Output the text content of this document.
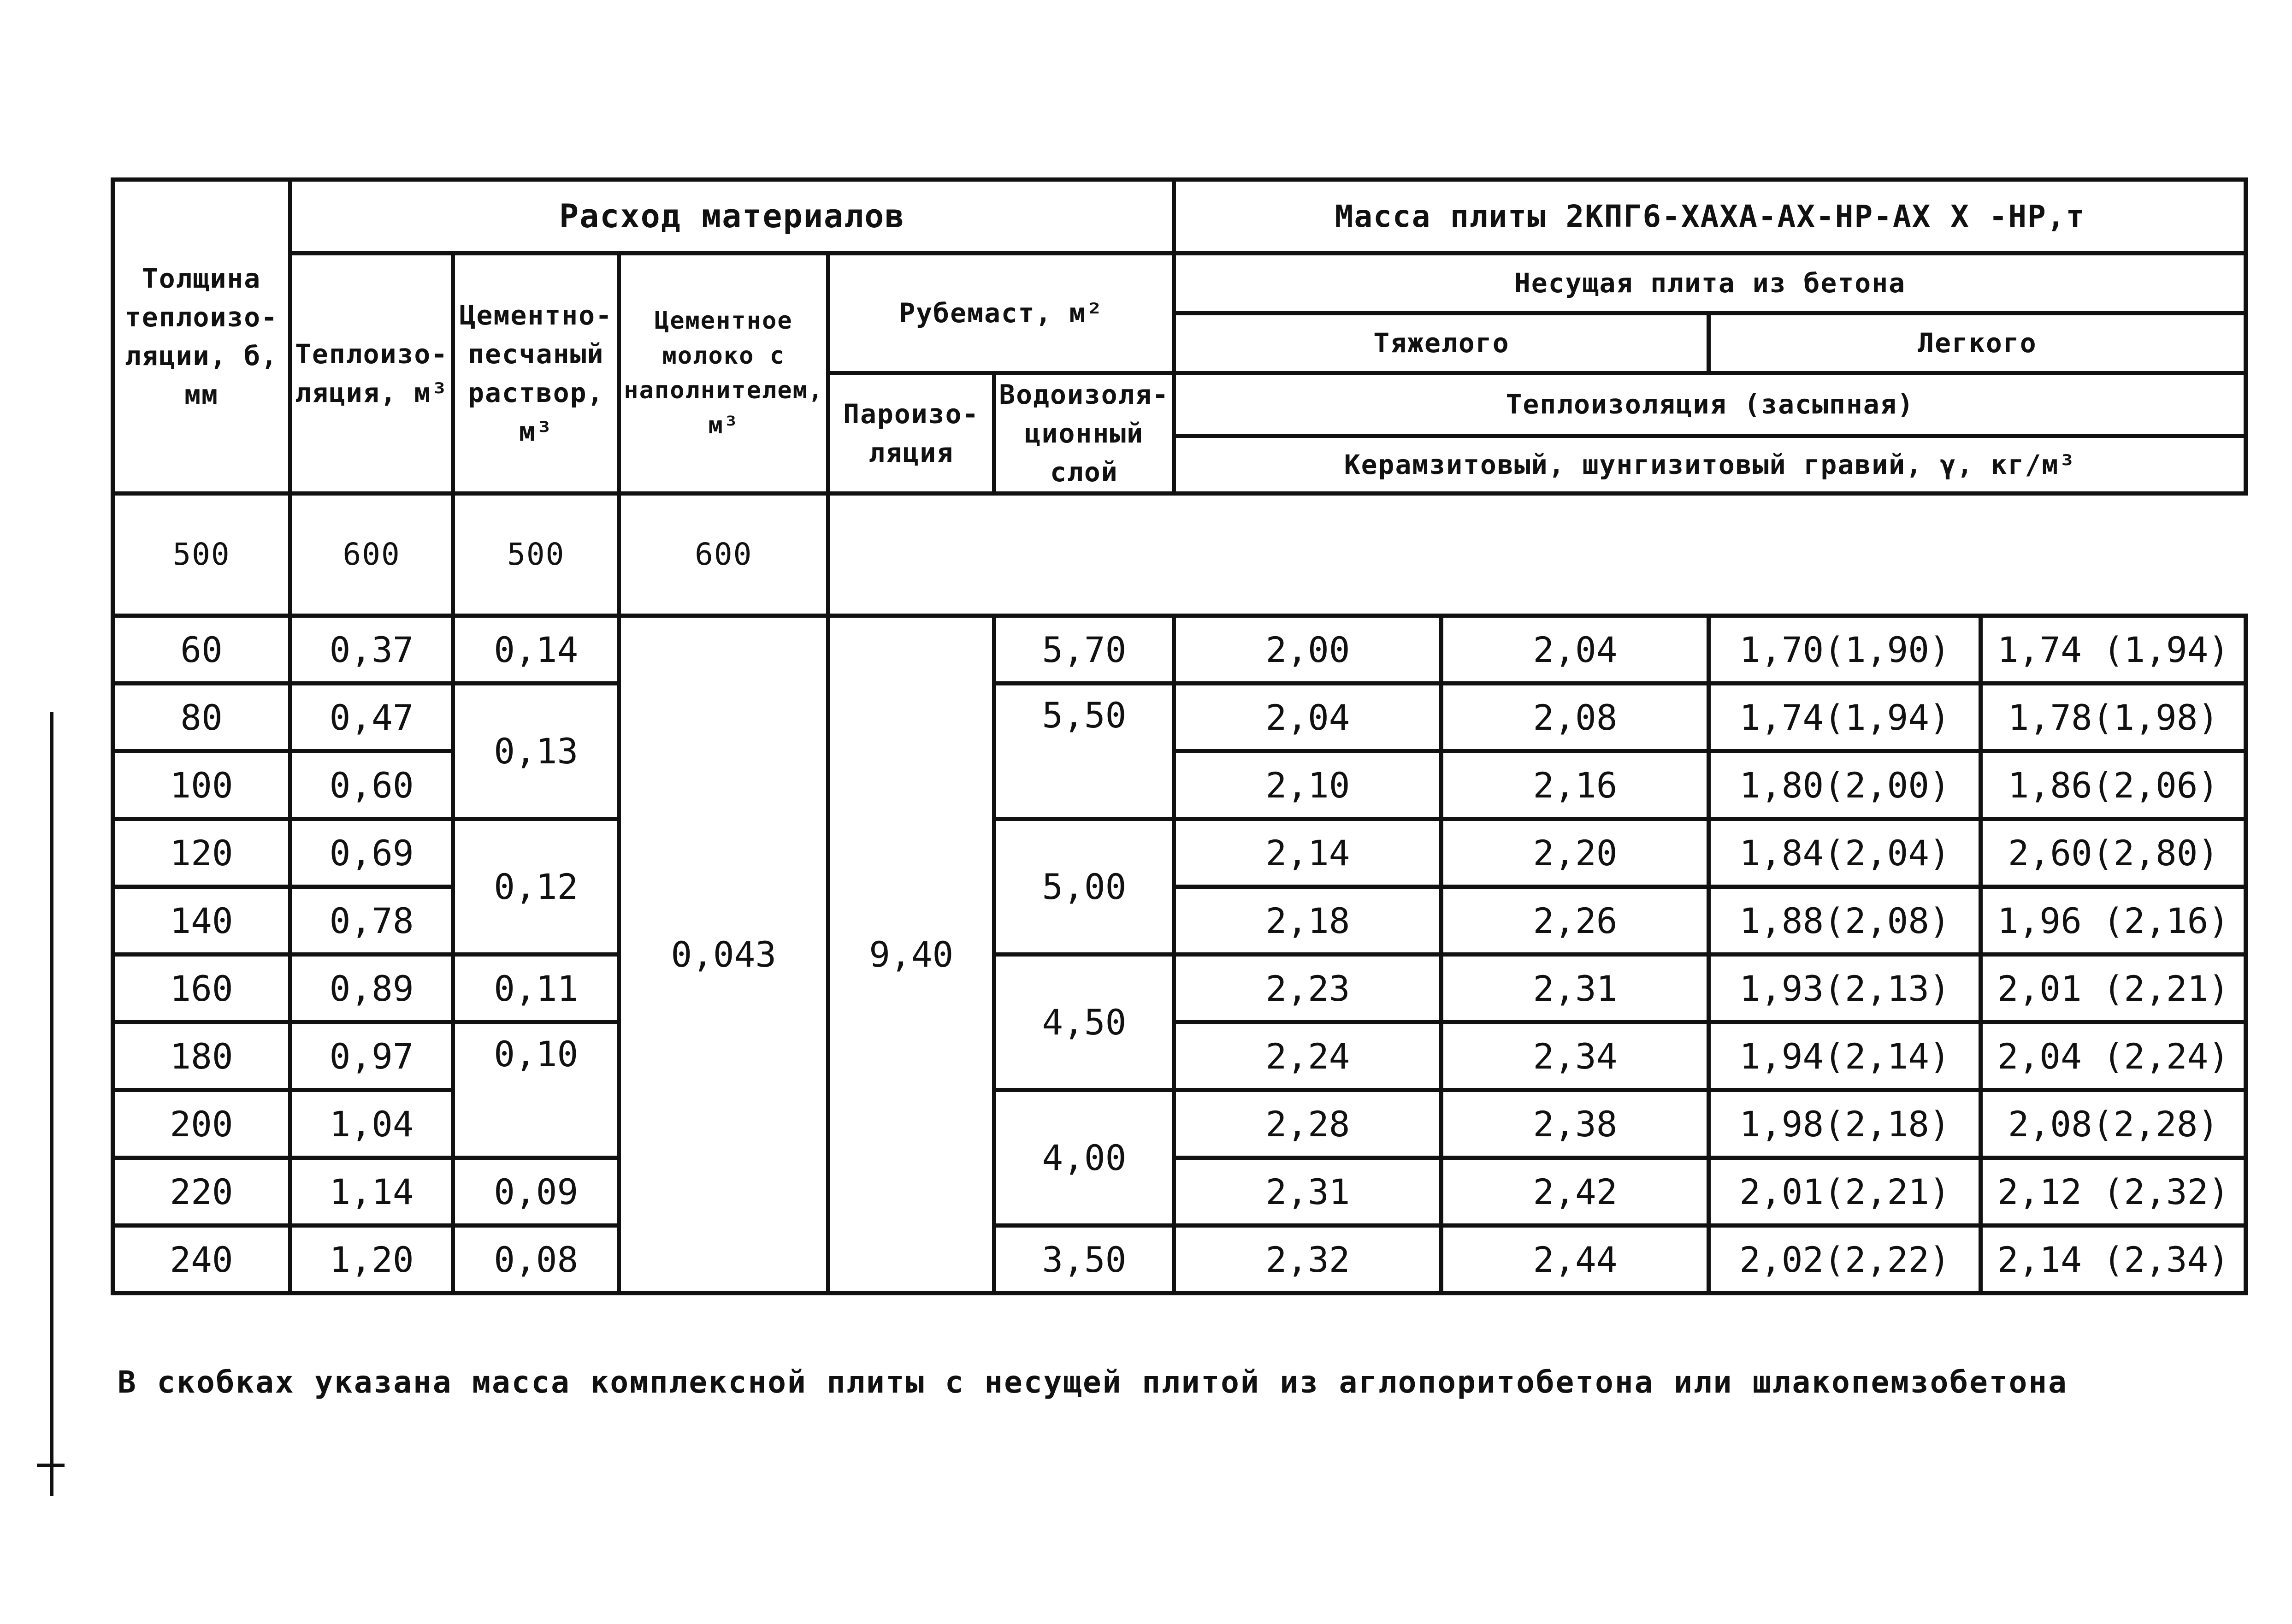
Толщина теплоизо- ляции, б, мм	Расход материалов					Масса плиты 2КПГ6-ХАХА-АХ-НР-АХ Х -НР,т			
	Теплоизо- ляция, м³	Цементно- песчаный раствор, м³	Цементное молоко с наполнителем, м³	Рубемаст, м²		Несущая плита из бетона			
						Тяжелого		Легкого	
				Пароизо- ляция	Водоизоля- ционный слой	Теплоизоляция (засыпная)			
						Керамзитовый, шунгизитовый гравий, γ, кг/м³			
500	600	500	600						
60	0,37	0,14	0,043	9,40	5,70	2,00	2,04	1,70(1,90)	1,74 (1,94)
80	0,47	0,13			5,50	2,04	2,08	1,74(1,94)	1,78(1,98)
100	0,60					2,10	2,16	1,80(2,00)	1,86(2,06)
120	0,69	0,12			5,00	2,14	2,20	1,84(2,04)	2,60(2,80)
140	0,78					2,18	2,26	1,88(2,08)	1,96 (2,16)
160	0,89	0,11			4,50	2,23	2,31	1,93(2,13)	2,01 (2,21)
180	0,97	0,10				2,24	2,34	1,94(2,14)	2,04 (2,24)
200	1,04				4,00	2,28	2,38	1,98(2,18)	2,08(2,28)
220	1,14	0,09				2,31	2,42	2,01(2,21)	2,12 (2,32)
240	1,20	0,08			3,50	2,32	2,44	2,02(2,22)	2,14 (2,34)
В скобках указана масса комплексной плиты с несущей плитой из аглопоритобетона или шлакопемзобетона
